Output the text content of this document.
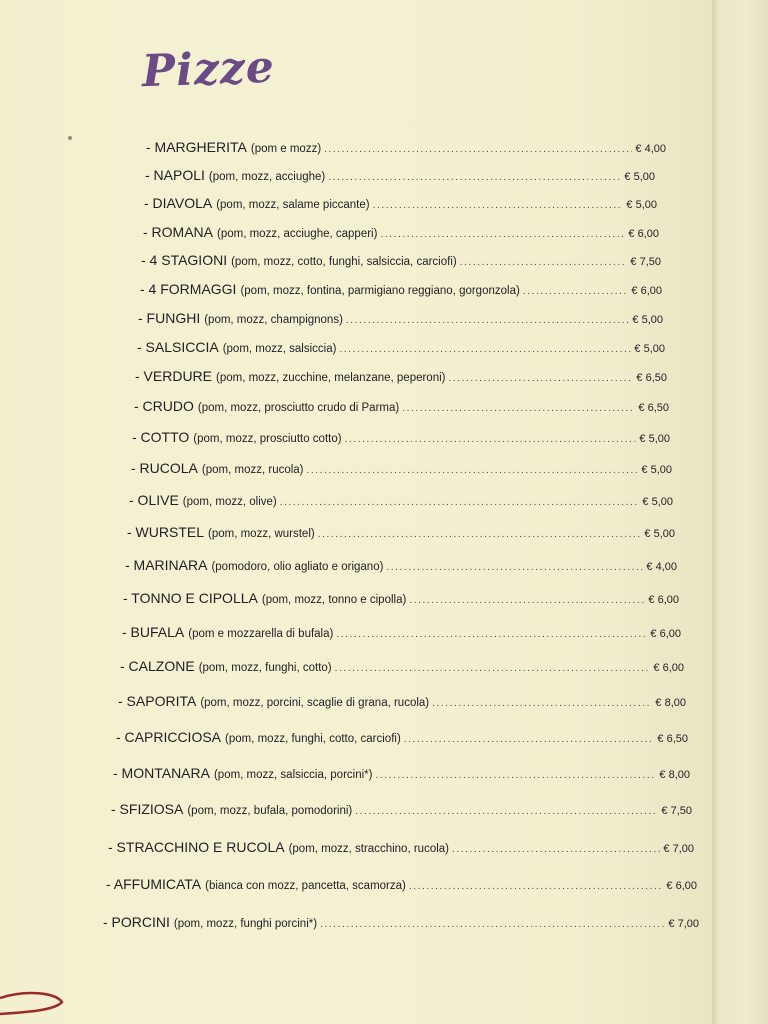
Pizze
- MARGHERITA (pom e mozz) .....	€ 4,00
- NAPOLI (pom, mozz, acciughe) .....	€ 5,00
- DIAVOLA (pom, mozz, salame piccante) .....	€ 5,00
- ROMANA (pom, mozz, acciughe, capperi) .....	€ 6,00
- 4 STAGIONI (pom, mozz, cotto, funghi, salsiccia, carciofi) .....	€ 7,50
- 4 FORMAGGI (pom, mozz, fontina, parmigiano reggiano, gorgonzola) .....	€ 6,00
- FUNGHI (pom, mozz, champignons) .....	€ 5,00
- SALSICCIA (pom, mozz, salsiccia) .....	€ 5,00
- VERDURE (pom, mozz, zucchine, melanzane, peperoni) .....	€ 6,50
- CRUDO (pom, mozz, prosciutto crudo di Parma) .....	€ 6,50
- COTTO (pom, mozz, prosciutto cotto) .....	€ 5,00
- RUCOLA (pom, mozz, rucola) .....	€ 5,00
- OLIVE (pom, mozz, olive) .....	€ 5,00
- WURSTEL (pom, mozz, wurstel) .....	€ 5,00
- MARINARA (pomodoro, olio agliato e origano) .....	€ 4,00
- TONNO E CIPOLLA (pom, mozz, tonno e cipolla) .....	€ 6,00
- BUFALA (pom e mozzarella di bufala) .....	€ 6,00
- CALZONE (pom, mozz, funghi, cotto) .....	€ 6,00
- SAPORITA (pom, mozz, porcini, scaglie di grana, rucola) .....	€ 8,00
- CAPRICCIOSA (pom, mozz, funghi, cotto, carciofi) .....	€ 6,50
- MONTANARA (pom, mozz, salsiccia, porcini*) .....	€ 8,00
- SFIZIOSA (pom, mozz, bufala, pomodorini) .....	€ 7,50
- STRACCHINO E RUCOLA (pom, mozz, stracchino, rucola) .....	€ 7,00
- AFFUMICATA (bianca con mozz, pancetta, scamorza) .....	€ 6,00
- PORCINI (pom, mozz, funghi porcini*) .....	€ 7,00
